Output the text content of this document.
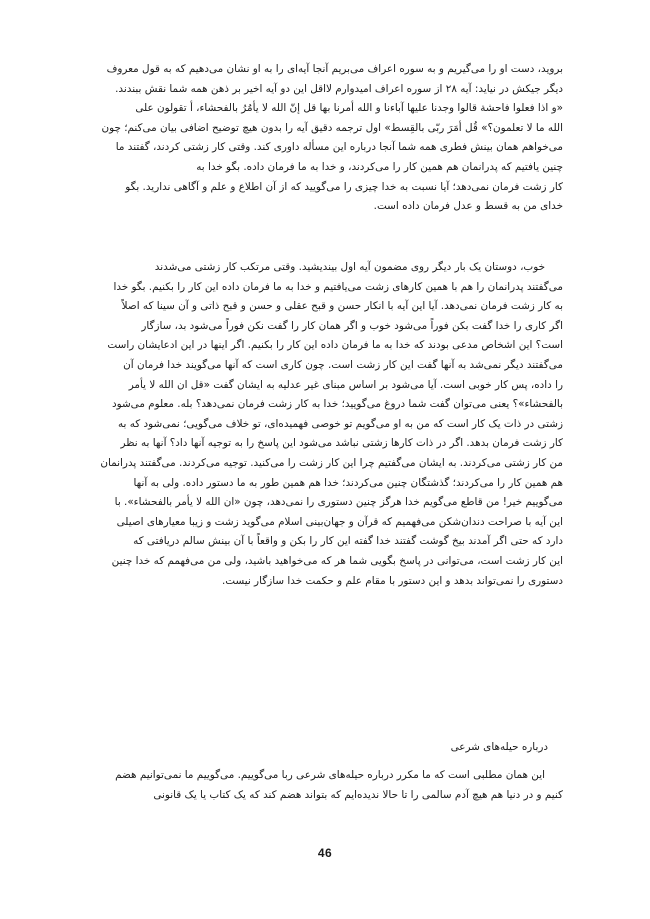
بروید، دست او را می‌گیریم و به سوره اعراف می‌بریم آنجا آیه‌ای را به او نشان می‌دهیم که به قول معروف
دیگر جیکش در نیاید: آیه ۲۸ از سوره اعراف امیدوارم لااقل این دو آیه اخیر بر ذهن همه شما نقش ببندند.
«و اذا فعلوا فاحشة قالوا وجدنا علیها آباءنا و الله أمرنا بها قل إنّ الله لا یأمُرُ بالفحشاء، أ تقولون علی
الله ما لا تعلمون؟» قُل أمَرَ ربّی بالقِسط» اول ترجمه دقیق آیه را بدون هیچ توضیح اضافی بیان می‌کنم؛ چون
می‌خواهم همان بینش فطری همه شما آنجا درباره این مسأله داوری کند. وقتی کار زشتی کردند، گفتند ما
چنین یافتیم که پدرانمان هم همین کار را می‌کردند، و خدا به ما فرمان داده. بگو خدا به
کار زشت فرمان نمی‌دهد؛ آیا نسبت به خدا چیزی را می‌گویید که از آن اطلاع و علم و آگاهی ندارید. بگو
خدای من به قسط و عدل فرمان داده است.
خوب، دوستان یک بار دیگر روی مضمون آیه اول بیندیشید. وقتی مرتکب کار زشتی می‌شدند
می‌گفتند پدرانمان را هم با همین کارهای زشت می‌یافتیم و خدا به ما فرمان داده این کار را بکنیم. بگو خدا
به کار زشت فرمان نمی‌دهد. آیا این آیه با انکار حسن و قبح عقلی و حسن و قبح ذاتی و آن سینا که اصلاً
اگر کاری را خدا گفت بکن فوراً می‌شود خوب و اگر همان کار را گفت نکن فوراً می‌شود بد، سازگار
است؟ این اشخاص مدعی بودند که خدا به ما فرمان داده این کار را بکنیم. اگر اینها در این ادعایشان راست
می‌گفتند دیگر نمی‌شد به آنها گفت این کار زشت است. چون کاری است که آنها می‌گویند خدا فرمان آن
را داده، پس کار خوبی است. آیا می‌شود بر اساس مبنای غیر عدلیه به ایشان گفت «قل ان الله لا یأمر
بالفحشاء»؟ یعنی می‌توان گفت شما دروغ می‌گویید؛ خدا به کار زشت فرمان نمی‌دهد؟ بله. معلوم می‌شود
زشتی در ذات یک کار است که من به او می‌گویم تو خوصی فهمیده‌ای، تو خلاف می‌گویی؛ نمی‌شود که به
کار زشت فرمان بدهد. اگر در ذات کارها زشتی نباشد می‌شود این پاسخ را به توجیه آنها داد؟ آنها به نظر
من کار زشتی می‌کردند. به ایشان می‌گفتیم چرا این کار زشت را می‌کنید. توجیه می‌کردند. می‌گفتند پدرانمان
هم همین کار را می‌کردند؛ گذشتگان چنین می‌کردند؛ خدا هم همین طور به ما دستور داده. ولی به آنها
می‌گوییم خیر! من قاطع می‌گویم خدا هرگز چنین دستوری را نمی‌دهد، چون «ان الله لا یأمر بالفحشاء». با
این آیه با صراحت دندان‌شکن می‌فهمیم که قرآن و جهان‌بینی اسلام می‌گوید زشت و زیبا معیارهای اصیلی
دارد که حتی اگر آمدند بیخ گوشت گفتند خدا گفته این کار را بکن و واقعاً با آن بینش سالم دریافتی که
این کار زشت است، می‌توانی در پاسخ بگویی شما هر که می‌خواهید باشید، ولی من می‌فهمم که خدا چنین
دستوری را نمی‌تواند بدهد و این دستور با مقام علم و حکمت خدا سازگار نیست.
درباره حیله‌های شرعی
این همان مطلبی است که ما مکرر درباره حیله‌های شرعی ربا می‌گوییم. می‌گوییم ما نمی‌توانیم هضم
کنیم و در دنیا هم هیچ آدم سالمی را تا حالا ندیده‌ایم که بتواند هضم کند که یک کتاب یا یک قانونی
46
